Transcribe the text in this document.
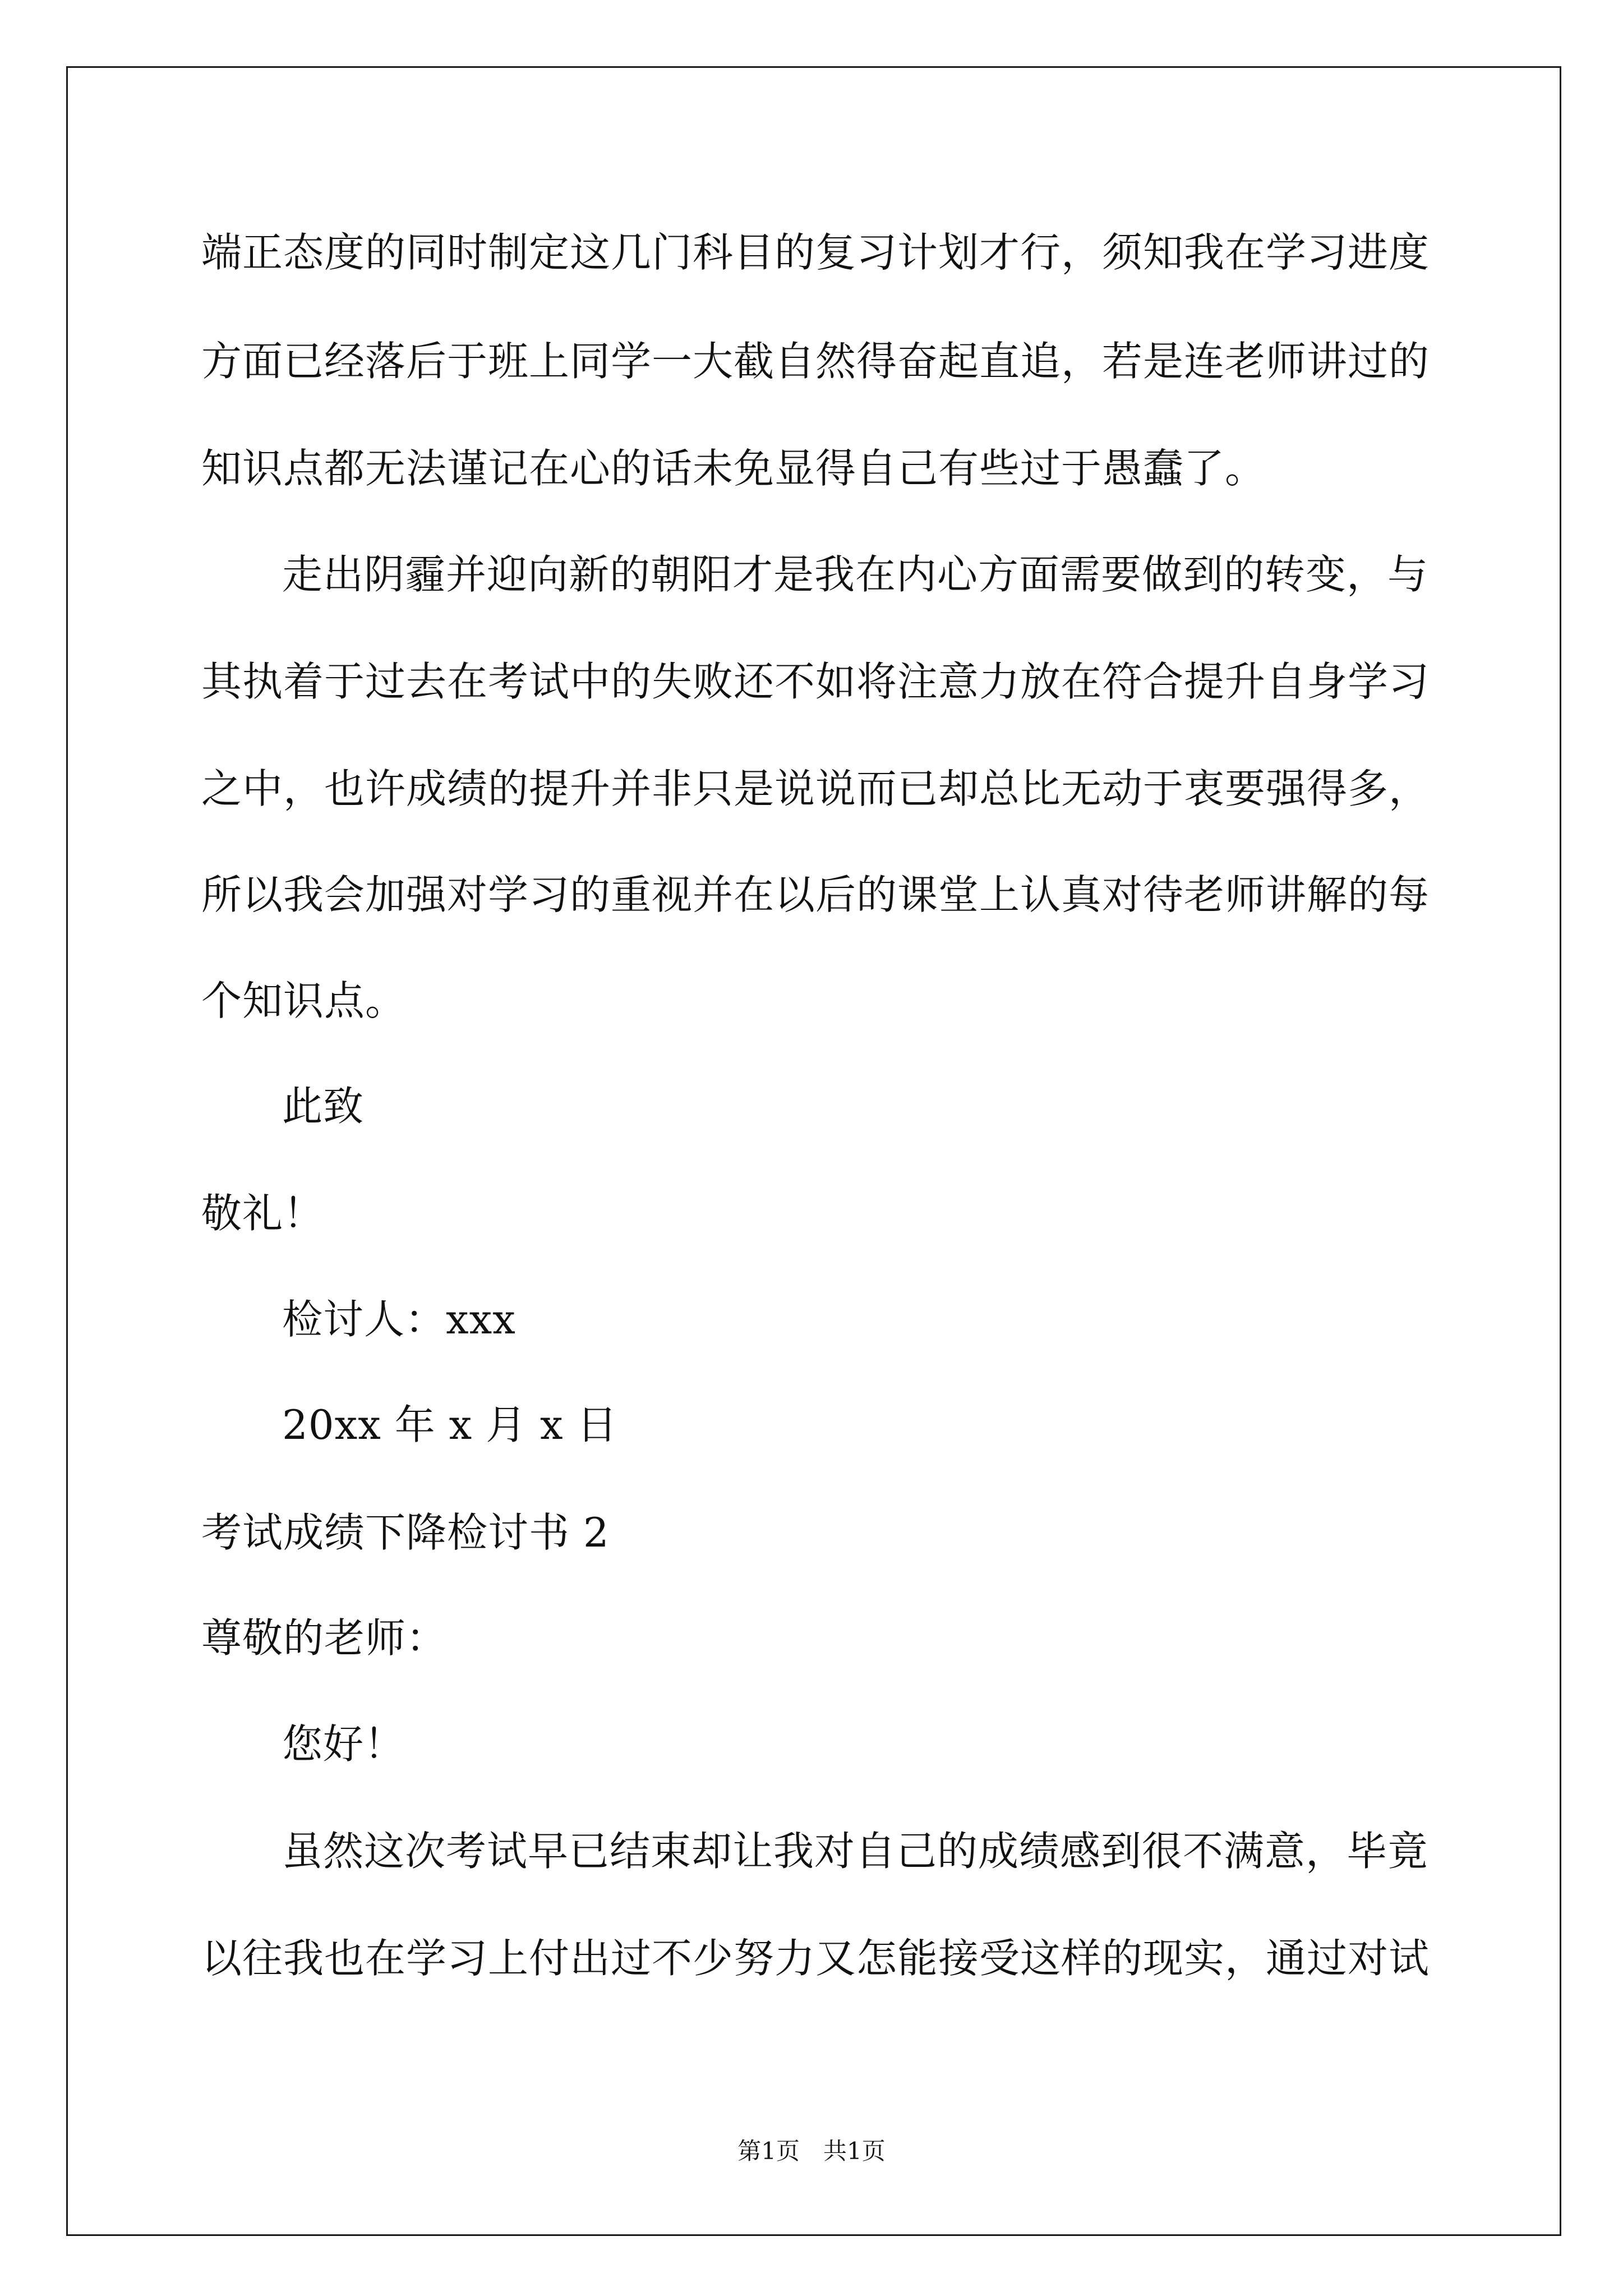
端正态度的同时制定这几门科目的复习计划才行，须知我在学习进度
方面已经落后于班上同学一大截自然得奋起直追，若是连老师讲过的
知识点都无法谨记在心的话未免显得自己有些过于愚蠢了。
走出阴霾并迎向新的朝阳才是我在内心方面需要做到的转变，与
其执着于过去在考试中的失败还不如将注意力放在符合提升自身学习
之中，也许成绩的提升并非只是说说而已却总比无动于衷要强得多，
所以我会加强对学习的重视并在以后的课堂上认真对待老师讲解的每
个知识点。
此致
敬礼！
检讨人：xxx
20xx 年 x 月 x 日
考试成绩下降检讨书 2
尊敬的老师：
您好！
虽然这次考试早已结束却让我对自己的成绩感到很不满意，毕竟
以往我也在学习上付出过不少努力又怎能接受这样的现实，通过对试
第1页　共1页
